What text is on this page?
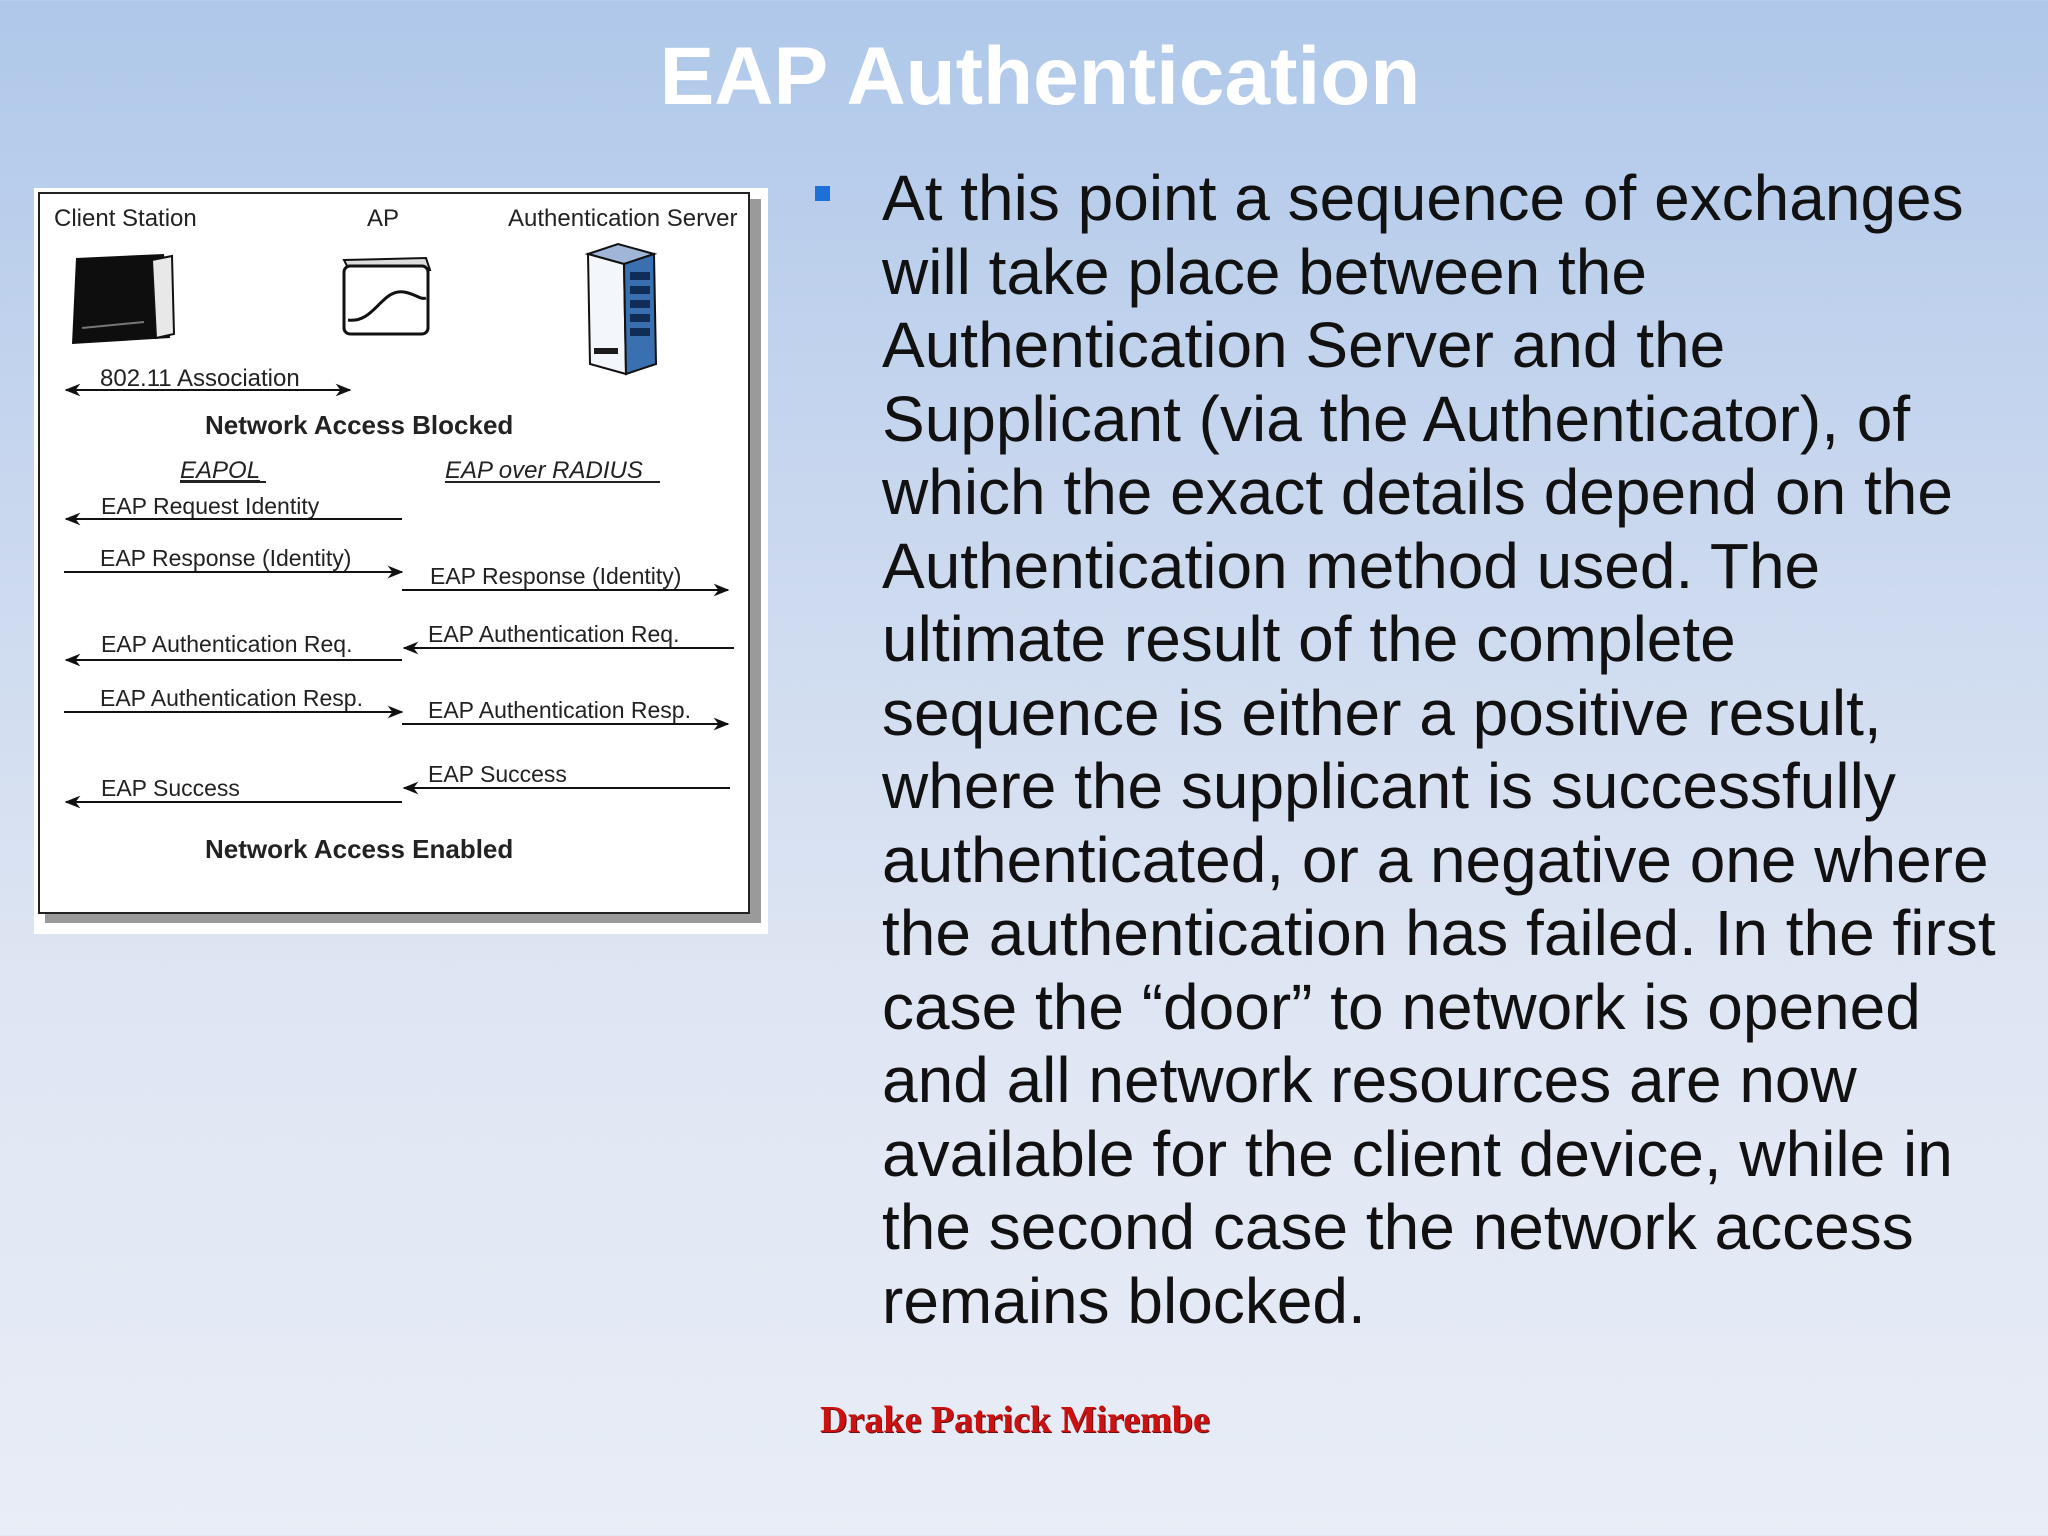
EAP Authentication
Client Station	AP	Authentication Server
802.11 Association
Network Access Blocked
EAPOL	EAP over RADIUS
EAP Request Identity
EAP Response (Identity)
EAP Response (Identity)
EAP Authentication Req.
EAP Authentication Req.
EAP Authentication Resp.	EAP Authentication Resp.
EAP Success
EAP Success
Network Access Enabled
At this point a sequence of exchanges will take place between the Authentication Server and the Supplicant (via the Authenticator), of which the exact details depend on the Authentication method used. The ultimate result of the complete sequence is either a positive result, where the supplicant is successfully authenticated, or a negative one where the authentication has failed. In the first case the “door” to network is opened and all network resources are now available for the client device, while in the second case the network access remains blocked.
Drake Patrick Mirembe
